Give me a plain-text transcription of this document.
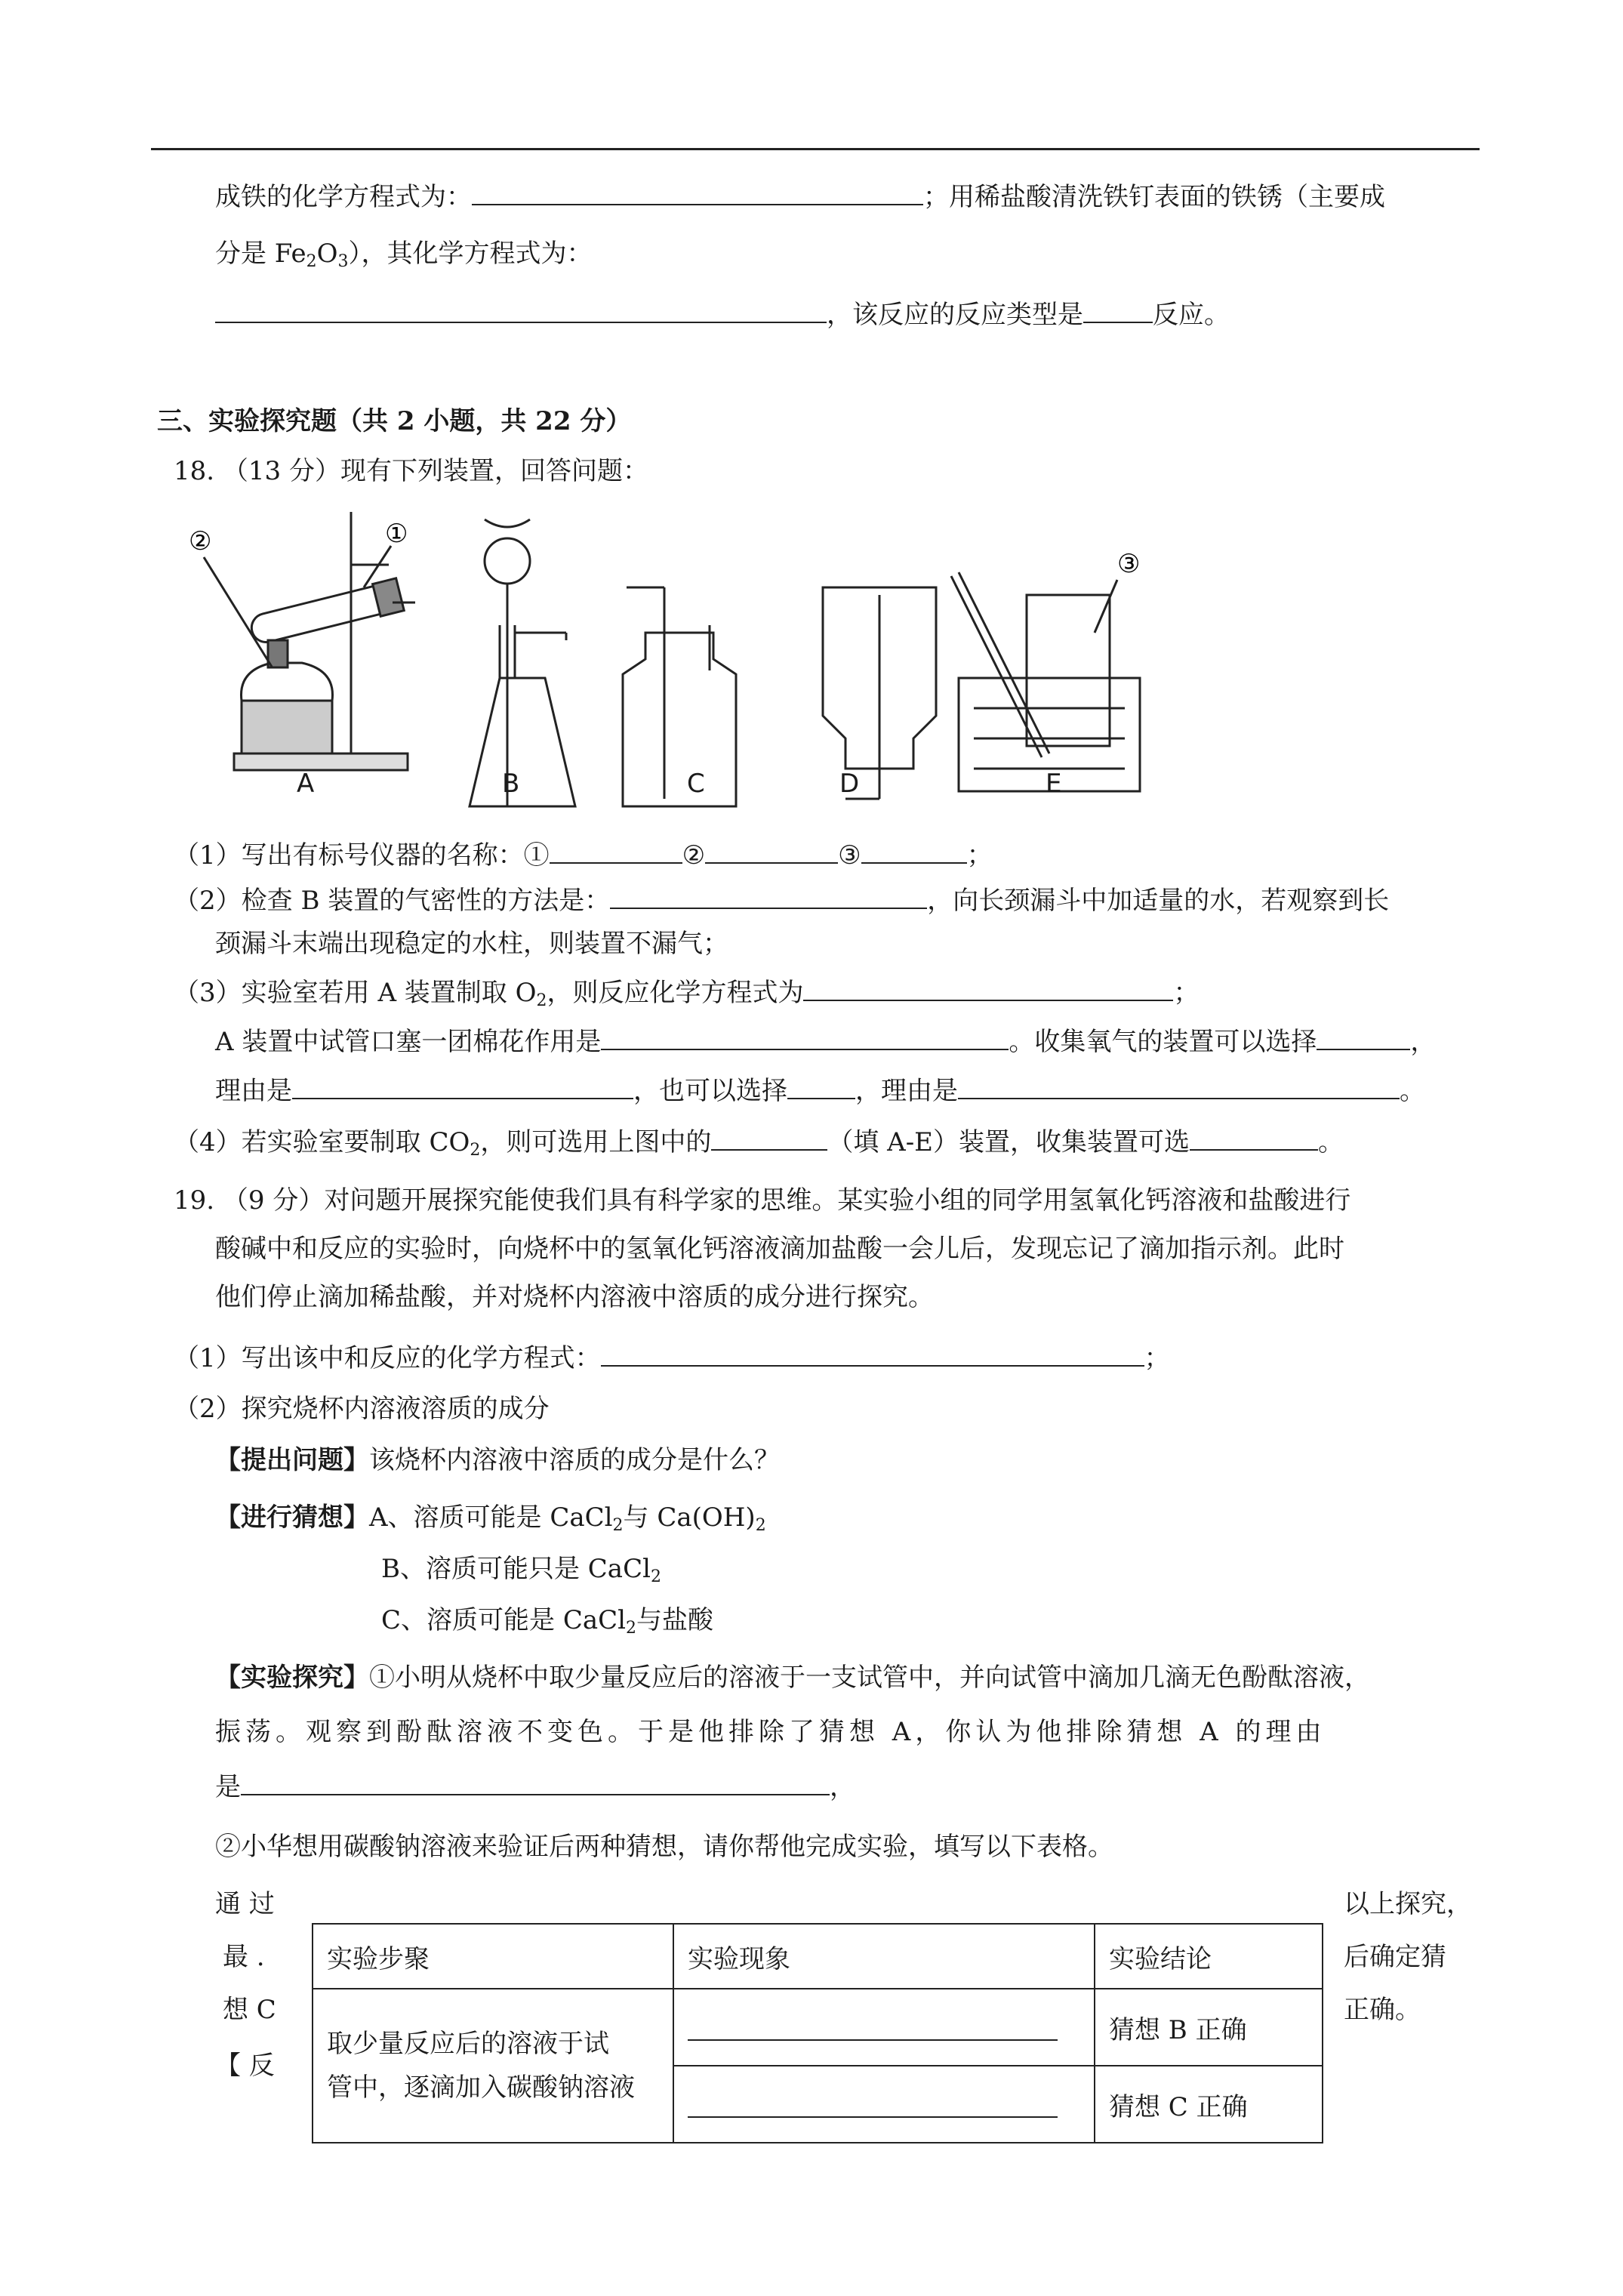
成铁的化学方程式为：	；用稀盐酸清洗铁钉表面的铁锈（主要成
分是 $Fe_2O_3$），其化学方程式为：
，该反应的反应类型是	反应。
三、实验探究题（共 2 小题，共 22 分）
18. （13 分）现有下列装置，回答问题：
①
②
③
A	B	C	D	E
（1）写出有标号仪器的名称：①	②	③	；
（2）检查 B 装置的气密性的方法是：	，向长颈漏斗中加适量的水，若观察到长
颈漏斗末端出现稳定的水柱，则装置不漏气；
（3）实验室若用 A 装置制取 $O_2$，则反应化学方程式为	；
A 装置中试管口塞一团棉花作用是	。收集氧气的装置可以选择	，
理由是	，也可以选择	，理由是	。
（4）若实验室要制取 $CO_2$，则可选用上图中的	（填 A-E）装置，收集装置可选	。
19. （9 分）对问题开展探究能使我们具有科学家的思维。某实验小组的同学用氢氧化钙溶液和盐酸进行
酸碱中和反应的实验时，向烧杯中的氢氧化钙溶液滴加盐酸一会儿后，发现忘记了滴加指示剂。此时
他们停止滴加稀盐酸，并对烧杯内溶液中溶质的成分进行探究。
（1）写出该中和反应的化学方程式：	；
（2）探究烧杯内溶液溶质的成分
【提出问题】该烧杯内溶液中溶质的成分是什么？
【进行猜想】A、溶质可能是 CaCl$_2$与 $Ca(OH)_2$
B、溶质可能只是 CaCl$_2$
C、溶质可能是 CaCl$_2$与盐酸
【实验探究】①小明从烧杯中取少量反应后的溶液于一支试管中，并向试管中滴加几滴无色酚酞溶液，
振荡。观察到酚酞溶液不变色。于是他排除了猜想 A，你认为他排除猜想 A 的理由
是	，
②小华想用碳酸钠溶液来验证后两种猜想，请你帮他完成实验，填写以下表格。
通 过
最 .
想 C
【 反
以上探究，
后确定猜
正确。
实验步聚	实验现象	实验结论

取少量反应后的溶液于试
管中，逐滴加入碳酸钠溶液		猜想 B 正确

		猜想 C 正确
